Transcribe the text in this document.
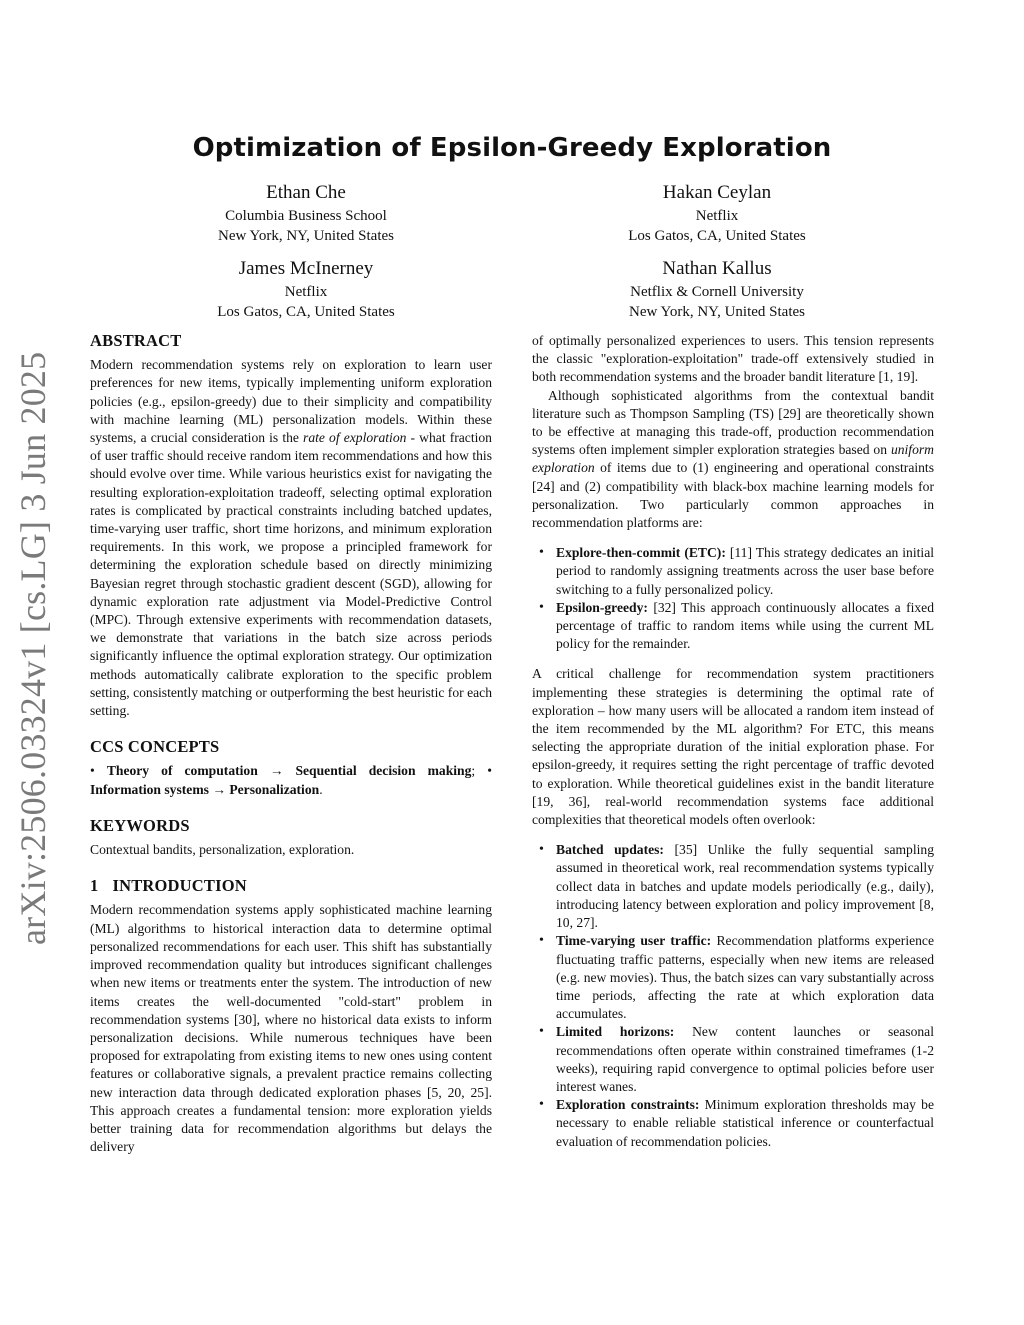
arXiv:2506.03324v1 [cs.LG] 3 Jun 2025
Optimization of Epsilon-Greedy Exploration
Ethan Che
Columbia Business School
New York, NY, United States
Hakan Ceylan
Netflix
Los Gatos, CA, United States
James McInerney
Netflix
Los Gatos, CA, United States
Nathan Kallus
Netflix & Cornell University
New York, NY, United States
ABSTRACT

Modern recommendation systems rely on exploration to learn user preferences for new items, typically implementing uniform exploration policies (e.g., epsilon-greedy) due to their simplicity and compatibility with machine learning (ML) personalization models. Within these systems, a crucial consideration is the rate of exploration - what fraction of user traffic should receive random item recommendations and how this should evolve over time. While various heuristics exist for navigating the resulting exploration-exploitation tradeoff, selecting optimal exploration rates is complicated by practical constraints including batched updates, time-varying user traffic, short time horizons, and minimum exploration requirements. In this work, we propose a principled framework for determining the exploration schedule based on directly minimizing Bayesian regret through stochastic gradient descent (SGD), allowing for dynamic exploration rate adjustment via Model-Predictive Control (MPC). Through extensive experiments with recommendation datasets, we demonstrate that variations in the batch size across periods significantly influence the optimal exploration strategy. Our optimization methods automatically calibrate exploration to the specific problem setting, consistently matching or outperforming the best heuristic for each setting.

CCS CONCEPTS

• Theory of computation → Sequential decision making; • Information systems → Personalization.

KEYWORDS

Contextual bandits, personalization, exploration.

1 INTRODUCTION

Modern recommendation systems apply sophisticated machine learning (ML) algorithms to historical interaction data to determine optimal personalized recommendations for each user. This shift has substantially improved recommendation quality but introduces significant challenges when new items or treatments enter the system. The introduction of new items creates the well-documented "cold-start" problem in recommendation systems [30], where no historical data exists to inform personalization decisions. While numerous techniques have been proposed for extrapolating from existing items to new ones using content features or collaborative signals, a prevalent practice remains collecting new interaction data through dedicated exploration phases [5, 20, 25]. This approach creates a fundamental tension: more exploration yields better training data for recommendation algorithms but delays the delivery

of optimally personalized experiences to users. This tension represents the classic "exploration-exploitation" trade-off extensively studied in both recommendation systems and the broader bandit literature [1, 19].

Although sophisticated algorithms from the contextual bandit literature such as Thompson Sampling (TS) [29] are theoretically shown to be effective at managing this trade-off, production recommendation systems often implement simpler exploration strategies based on uniform exploration of items due to (1) engineering and operational constraints [24] and (2) compatibility with black-box machine learning models for personalization. Two particularly common approaches in recommendation platforms are:

• Explore-then-commit (ETC): [11] This strategy dedicates an initial period to randomly assigning treatments across the user base before switching to a fully personalized policy.
• Epsilon-greedy: [32] This approach continuously allocates a fixed percentage of traffic to random items while using the current ML policy for the remainder.

A critical challenge for recommendation system practitioners implementing these strategies is determining the optimal rate of exploration – how many users will be allocated a random item instead of the item recommended by the ML algorithm? For ETC, this means selecting the appropriate duration of the initial exploration phase. For epsilon-greedy, it requires setting the right percentage of traffic devoted to exploration. While theoretical guidelines exist in the bandit literature [19, 36], real-world recommendation systems face additional complexities that theoretical models often overlook:

• Batched updates: [35] Unlike the fully sequential sampling assumed in theoretical work, real recommendation systems typically collect data in batches and update models periodically (e.g., daily), introducing latency between exploration and policy improvement [8, 10, 27].
• Time-varying user traffic: Recommendation platforms experience fluctuating traffic patterns, especially when new items are released (e.g. new movies). Thus, the batch sizes can vary substantially across time periods, affecting the rate at which exploration data accumulates.
• Limited horizons: New content launches or seasonal recommendations often operate within constrained timeframes (1-2 weeks), requiring rapid convergence to optimal policies before user interest wanes.
• Exploration constraints: Minimum exploration thresholds may be necessary to enable reliable statistical inference or counterfactual evaluation of recommendation policies.
